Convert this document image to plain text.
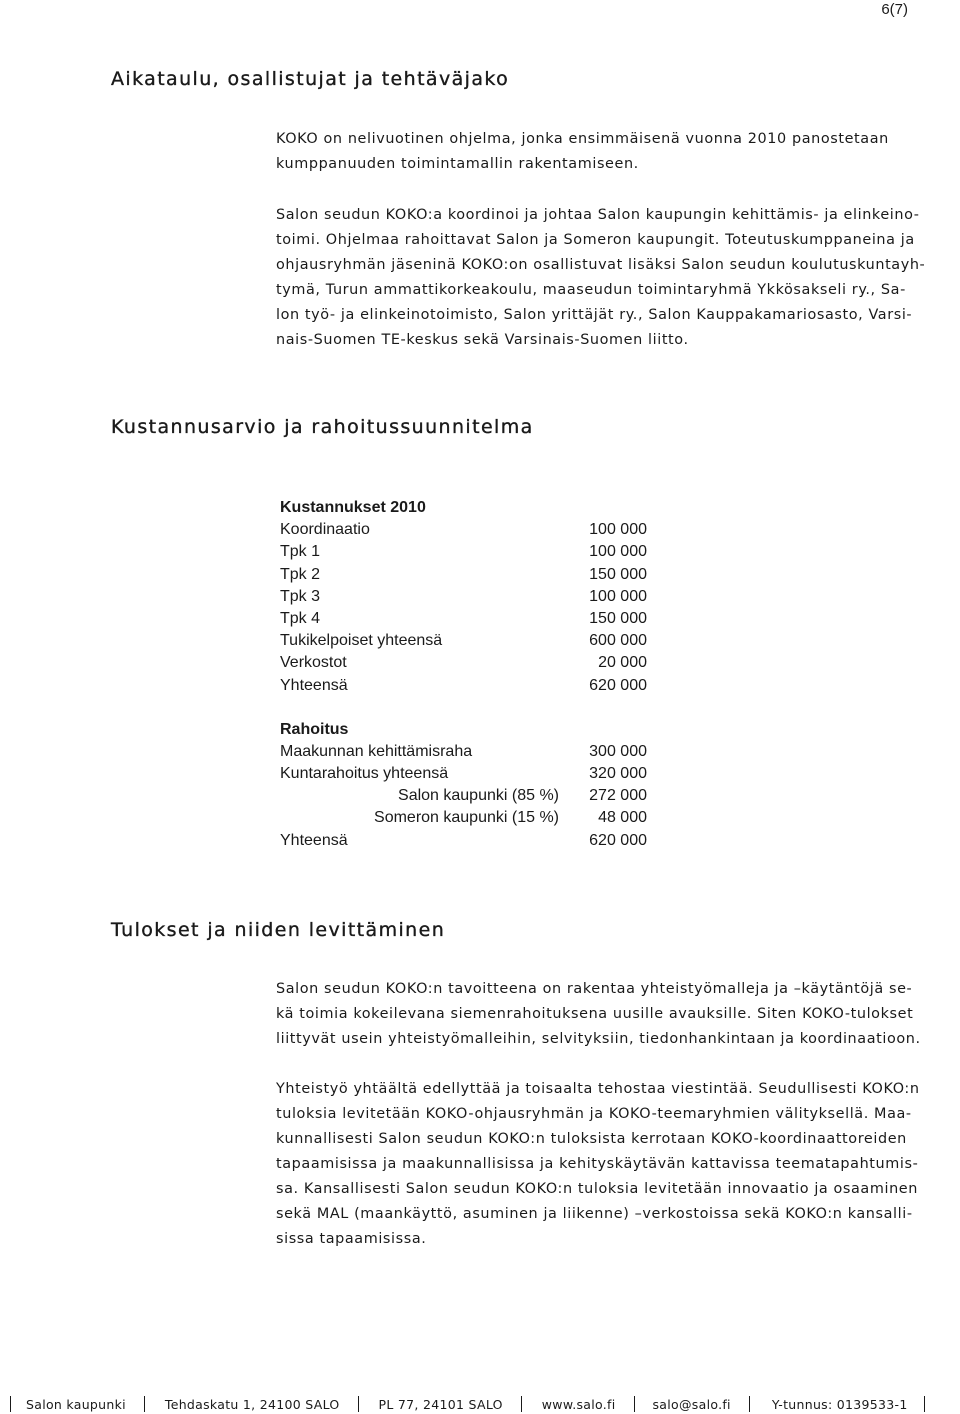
6(7)
Aikataulu, osallistujat ja tehtäväjako
KOKO on nelivuotinen ohjelma, jonka ensimmäisenä vuonna 2010 panostetaan
kumppanuuden toimintamallin rakentamiseen.
Salon seudun KOKO:a koordinoi ja johtaa Salon kaupungin kehittämis- ja elinkeino-
toimi. Ohjelmaa rahoittavat Salon ja Someron kaupungit. Toteutuskumppaneina ja
ohjausryhmän jäseninä KOKO:on osallistuvat lisäksi Salon seudun koulutuskuntayh-
tymä, Turun ammattikorkeakoulu, maaseudun toimintaryhmä Ykkösakseli ry., Sa-
lon työ- ja elinkeinotoimisto, Salon yrittäjät ry., Salon Kauppakamariosasto, Varsi-
nais-Suomen TE-keskus sekä Varsinais-Suomen liitto.
Kustannusarvio ja rahoitussuunnitelma
Kustannukset 2010
Koordinaatio	100 000
Tpk 1	100 000
Tpk 2	150 000
Tpk 3	100 000
Tpk 4	150 000
Tukikelpoiset yhteensä	600 000
Verkostot	20 000
Yhteensä	620 000
Rahoitus
Maakunnan kehittämisraha	300 000
Kuntarahoitus yhteensä	320 000
Salon kaupunki (85 %) 272 000
Someron kaupunki (15 %) 48 000
Yhteensä	620 000
Tulokset ja niiden levittäminen
Salon seudun KOKO:n tavoitteena on rakentaa yhteistyömalleja ja –käytäntöjä se-
kä toimia kokeilevana siemenrahoituksena uusille avauksille. Siten KOKO-tulokset
liittyvät usein yhteistyömalleihin, selvityksiin, tiedonhankintaan ja koordinaatioon.
Yhteistyö yhtäältä edellyttää ja toisaalta tehostaa viestintää. Seudullisesti KOKO:n
tuloksia levitetään KOKO-ohjausryhmän ja KOKO-teemaryhmien välityksellä. Maa-
kunnallisesti Salon seudun KOKO:n tuloksista kerrotaan KOKO-koordinaattoreiden
tapaamisissa ja maakunnallisissa ja kehityskäytävän kattavissa teematapahtumis-
sa. Kansallisesti Salon seudun KOKO:n tuloksia levitetään innovaatio ja osaaminen
sekä MAL (maankäyttö, asuminen ja liikenne) –verkostoissa sekä KOKO:n kansalli-
sissa tapaamisissa.
Salon kaupunki	Tehdaskatu 1, 24100 SALO	PL 77, 24101 SALO	www.salo.fi	salo@salo.fi	Y-tunnus: 0139533-1
